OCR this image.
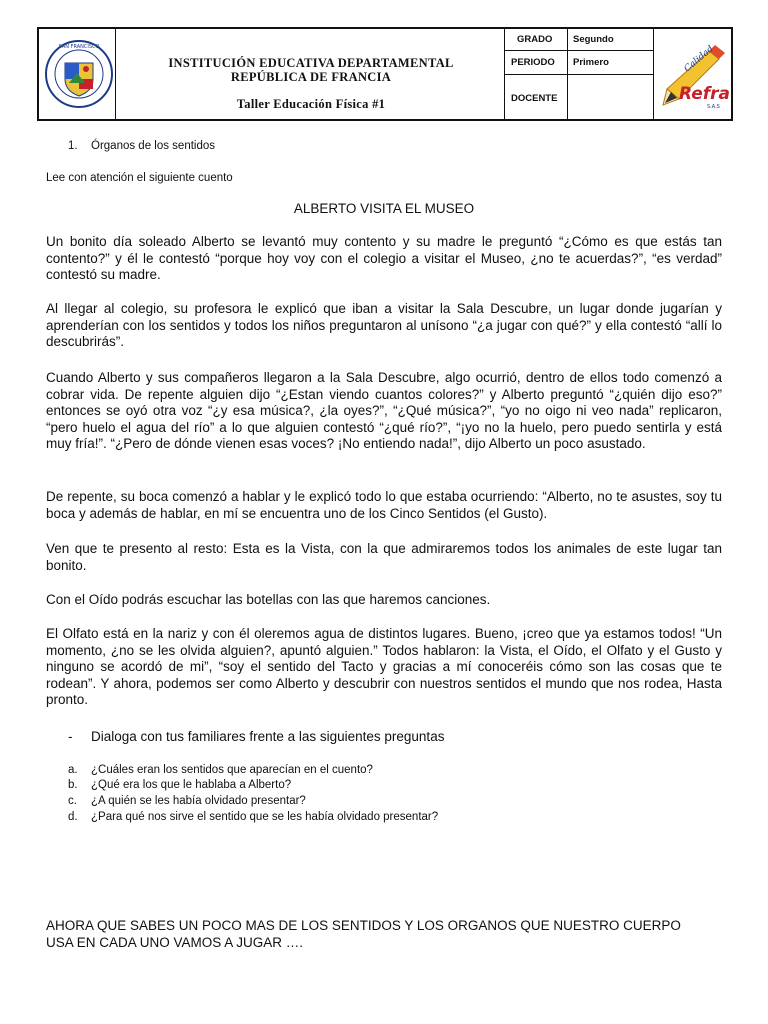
SAN FRANCISCO
INSTITUCIÓN EDUCATIVA DEPARTAMENTAL
REPÚBLICA DE FRANCIA
Taller Educación Física #1
GRADO Segundo
PERIODO Primero
DOCENTE
Calidad
Refra
S.A.S
1.	Órganos de los sentidos
Lee con atención el siguiente cuento
ALBERTO VISITA EL MUSEO
Un bonito día soleado Alberto se levantó muy contento y su madre le preguntó “¿Cómo es que estás tan contento?” y él le contestó “porque hoy voy con el colegio a visitar el Museo, ¿no te acuerdas?”, “es verdad” contestó su madre.
Al llegar al colegio, su profesora le explicó que iban a visitar la Sala Descubre, un lugar donde jugarían y aprenderían con los sentidos y todos los niños preguntaron al unísono “¿a jugar con qué?” y ella contestó “allí lo descubrirás”.
Cuando Alberto y sus compañeros llegaron a la Sala Descubre, algo ocurrió, dentro de ellos todo comenzó a cobrar vida. De repente alguien dijo “¿Estan viendo cuantos colores?” y Alberto preguntó “¿quién dijo eso?” entonces se oyó otra voz “¿y esa música?, ¿la oyes?”, “¿Qué música?”, “yo no oigo ni veo nada” replicaron, “pero huelo el agua del río” a lo que alguien contestó “¿qué río?”, “¡yo no la huelo, pero puedo sentirla y está muy fría!”. “¿Pero de dónde vienen esas voces? ¡No entiendo nada!”, dijo Alberto un poco asustado.
De repente, su boca comenzó a hablar y le explicó todo lo que estaba ocurriendo: “Alberto, no te asustes, soy tu boca y además de hablar, en mí se encuentra uno de los Cinco Sentidos (el Gusto).
Ven que te presento al resto: Esta es la Vista, con la que admiraremos todos los animales de este lugar tan bonito.
Con el Oído podrás escuchar las botellas con las que haremos canciones.
El Olfato está en la nariz y con él oleremos agua de distintos lugares. Bueno, ¡creo que ya estamos todos! “Un momento, ¿no se les olvida alguien?, apuntó alguien.” Todos hablaron: la Vista, el Oído, el Olfato y el Gusto y ninguno se acordó de mi”, “soy el sentido del Tacto y gracias a mí conoceréis cómo son las cosas que te rodean”. Y ahora, podemos ser como Alberto y descubrir con nuestros sentidos el mundo que nos rodea, Hasta pronto.
-	Dialoga con tus familiares frente a las siguientes preguntas
a. ¿Cuáles eran los sentidos que aparecían en el cuento?
b. ¿Qué era los que le hablaba a Alberto?
c. ¿A quién se les había olvidado presentar?
d. ¿Para qué nos sirve el sentido que se les había olvidado presentar?
AHORA QUE SABES UN POCO MAS DE LOS SENTIDOS Y LOS ORGANOS QUE NUESTRO CUERPO USA EN CADA UNO VAMOS A JUGAR ….
